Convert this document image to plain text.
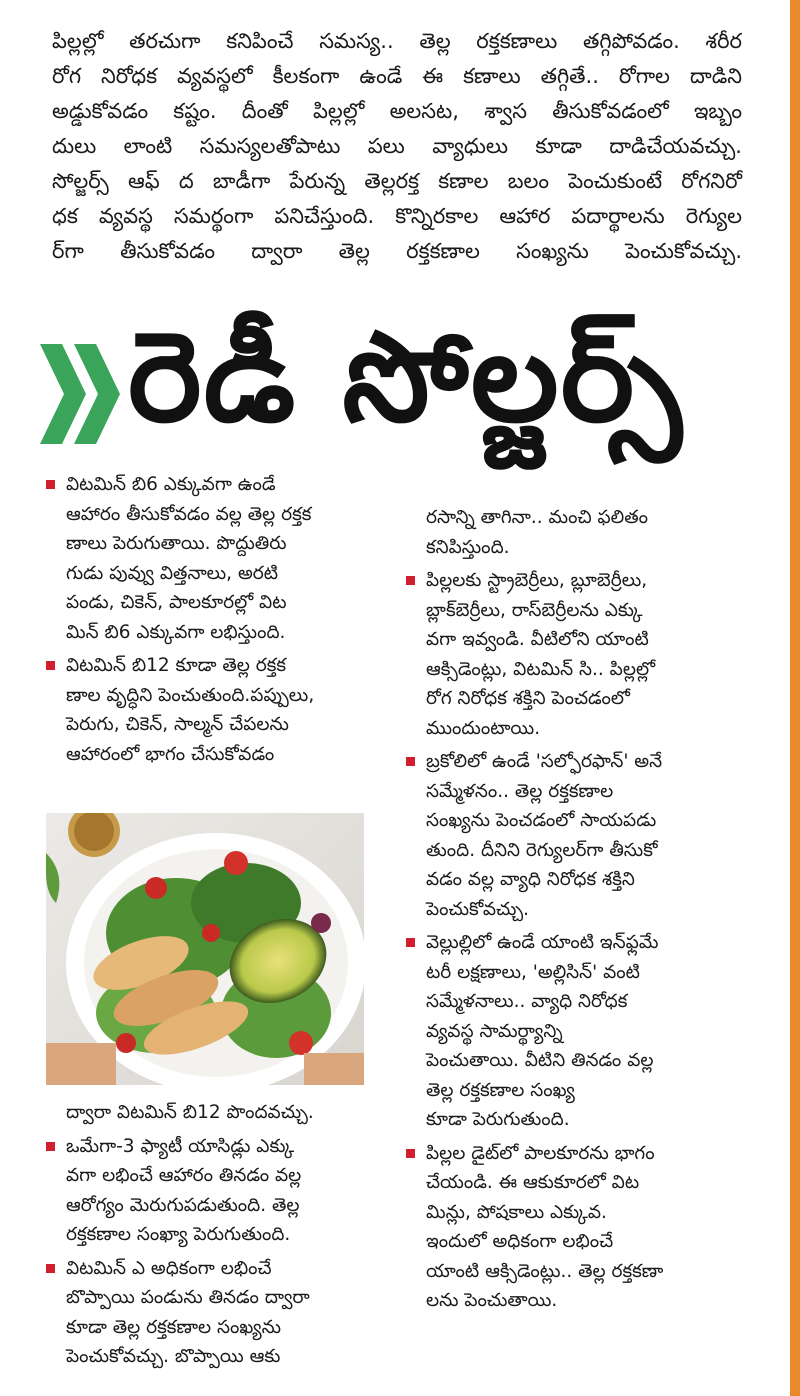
పిల్లల్లో తరచుగా కనిపించే సమస్య.. తెల్ల రక్తకణాలు తగ్గిపోవడం. శరీర

రోగ నిరోధక వ్యవస్థలో కీలకంగా ఉండే ఈ కణాలు తగ్గితే.. రోగాల దాడిని

అడ్డుకోవడం కష్టం. దీంతో పిల్లల్లో అలసట, శ్వాస తీసుకోవడంలో ఇబ్బం

దులు లాంటి సమస్యలతోపాటు పలు వ్యాధులు కూడా దాడిచేయవచ్చు.

సోల్జర్స్ ఆఫ్ ద బాడీగా పేరున్న తెల్లరక్త కణాల బలం పెంచుకుంటే రోగనిరో

ధక వ్యవస్థ సమర్థంగా పనిచేస్తుంది. కొన్నిరకాల ఆహార పదార్థాలను రెగ్యుల

ర్‌గా తీసుకోవడం ద్వారా తెల్ల రక్తకణాల సంఖ్యను పెంచుకోవచ్చు.

రెడీ సోల్జర్స్
విటమిన్ బి6 ఎక్కువగా ఉండే
ఆహారం తీసుకోవడం వల్ల తెల్ల రక్తక
ణాలు పెరుగుతాయి. పొద్దుతిరు
గుడు పువ్వు విత్తనాలు, అరటి
పండు, చికెన్, పాలకూరల్లో విట
మిన్ బి6 ఎక్కువగా లభిస్తుంది.
విటమిన్ బి12 కూడా తెల్ల రక్తక
ణాల వృద్ధిని పెంచుతుంది.పప్పులు,
పెరుగు, చికెన్, సాల్మన్ చేపలను
ఆహారంలో భాగం చేసుకోవడం
ద్వారా విటమిన్ బి12 పొందవచ్చు.
ఒమేగా-3 ఫ్యాటీ యాసిడ్లు ఎక్కు
వగా లభించే ఆహారం తినడం వల్ల
ఆరోగ్యం మెరుగుపడుతుంది. తెల్ల
రక్తకణాల సంఖ్యా పెరుగుతుంది.
విటమిన్ ఎ అధికంగా లభించే
బొప్పాయి పండును తినడం ద్వారా
కూడా తెల్ల రక్తకణాల సంఖ్యను
పెంచుకోవచ్చు. బొప్పాయి ఆకు
రసాన్ని తాగినా.. మంచి ఫలితం
కనిపిస్తుంది.
పిల్లలకు స్ట్రాబెర్రీలు, బ్లూబెర్రీలు,
బ్లాక్‌బెర్రీలు, రాస్‌బెర్రీలను ఎక్కు
వగా ఇవ్వండి. వీటిలోని యాంటి
ఆక్సిడెంట్లు, విటమిన్ సి.. పిల్లల్లో
రోగ నిరోధక శక్తిని పెంచడంలో
ముందుంటాయి.
బ్రకోలిలో ఉండే 'సల్ఫోరఫాన్' అనే
సమ్మేళనం.. తెల్ల రక్తకణాల
సంఖ్యను పెంచడంలో సాయపడు
తుంది. దీనిని రెగ్యులర్‌గా తీసుకో
వడం వల్ల వ్యాధి నిరోధక శక్తిని
పెంచుకోవచ్చు.
వెల్లుల్లిలో ఉండే యాంటి ఇన్‌ఫ్లమే
టరీ లక్షణాలు, 'అల్లిసిన్' వంటి
సమ్మేళనాలు.. వ్యాధి నిరోధక
వ్యవస్థ సామర్థ్యాన్ని
పెంచుతాయి. వీటిని తినడం వల్ల
తెల్ల రక్తకణాల సంఖ్య
కూడా పెరుగుతుంది.
పిల్లల డైట్‌లో పాలకూరను భాగం
చేయండి. ఈ ఆకుకూరలో విట
మిన్లు, పోషకాలు ఎక్కువ.
ఇందులో అధికంగా లభించే
యాంటి ఆక్సిడెంట్లు.. తెల్ల రక్తకణా
లను పెంచుతాయి.
